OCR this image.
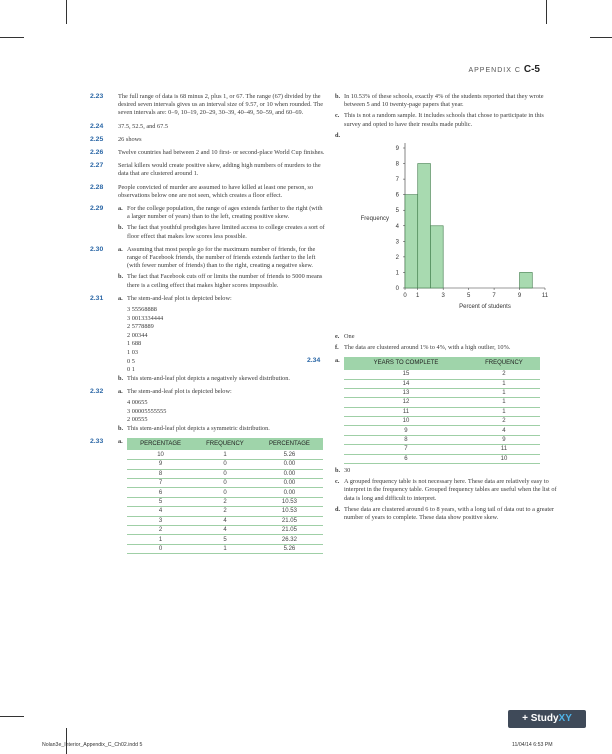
APPENDIX C C-5
2.23 The full range of data is 68 minus 2, plus 1, or 67. The range (67) divided by the desired seven intervals gives us an interval size of 9.57, or 10 when rounded. The seven intervals are: 0–9, 10–19, 20–29, 30–39, 40–49, 50–59, and 60–69.
2.24 37.5, 52.5, and 67.5
2.25 26 shows
2.26 Twelve countries had between 2 and 10 first- or second-place World Cup finishes.
2.27 Serial killers would create positive skew, adding high numbers of murders to the data that are clustered around 1.
2.28 People convicted of murder are assumed to have killed at least one person, so observations below one are not seen, which creates a floor effect.
2.29 a. For the college population, the range of ages extends farther to the right (with a larger number of years) than to the left, creating positive skew.
b. The fact that youthful prodigies have limited access to college creates a sort of floor effect that makes low scores less possible.
2.30 a. Assuming that most people go for the maximum number of friends, for the range of Facebook friends, the number of friends extends farther to the left (with fewer number of friends) than to the right, creating a negative skew.
b. The fact that Facebook cuts off or limits the number of friends to 5000 means there is a ceiling effect that makes higher scores impossible.
2.31 a. The stem-and-leaf plot is depicted below:
3 55568888
3 0013334444
2 5778889
2 00344
1 688
1 03
0 5
0 1
b. This stem-and-leaf plot depicts a negatively skewed distribution.
2.32 a. The stem-and-leaf plot is depicted below:
4 00655
3 00005555555
2 00555
b. This stem-and-leaf plot depicts a symmetric distribution.
2.33 a.	PERCENTAGE	FREQUENCY	PERCENTAGE
10	1	5.26
9	0	0.00
8	0	0.00
7	0	0.00
6	0	0.00
5	2	10.53
4	2	10.53
3	4	21.05
2	4	21.05
1	5	26.32
0	1	5.26
b. In 10.53% of these schools, exactly 4% of the students reported that they wrote between 5 and 10 twenty-page papers that year.
c. This is not a random sample. It includes schools that chose to participate in this survey and opted to have their results made public.
d.

0
1
2
3
4
5
6
7
8
9
0 1	3	5	7	9	11
Percent of students
Frequency
e. One
f. The data are clustered around 1% to 4%, with a high outlier, 10%.
2.34 a.	YEARS TO COMPLETE	FREQUENCY
15	2
14	1
13	1
12	1
11	1
10	2
9	4
8	9
7	11
6	10
b. 30
c. A grouped frequency table is not necessary here. These data are relatively easy to interpret in the frequency table. Grouped frequency tables are useful when the list of data is long and difficult to interpret.
d. These data are clustered around 6 to 8 years, with a long tail of data out to a greater number of years to complete. These data show positive skew.
+ StudyXY
Nolan3e_Interior_Appendix_C_Ch02.indd 5	11/04/14 6:53 PM
